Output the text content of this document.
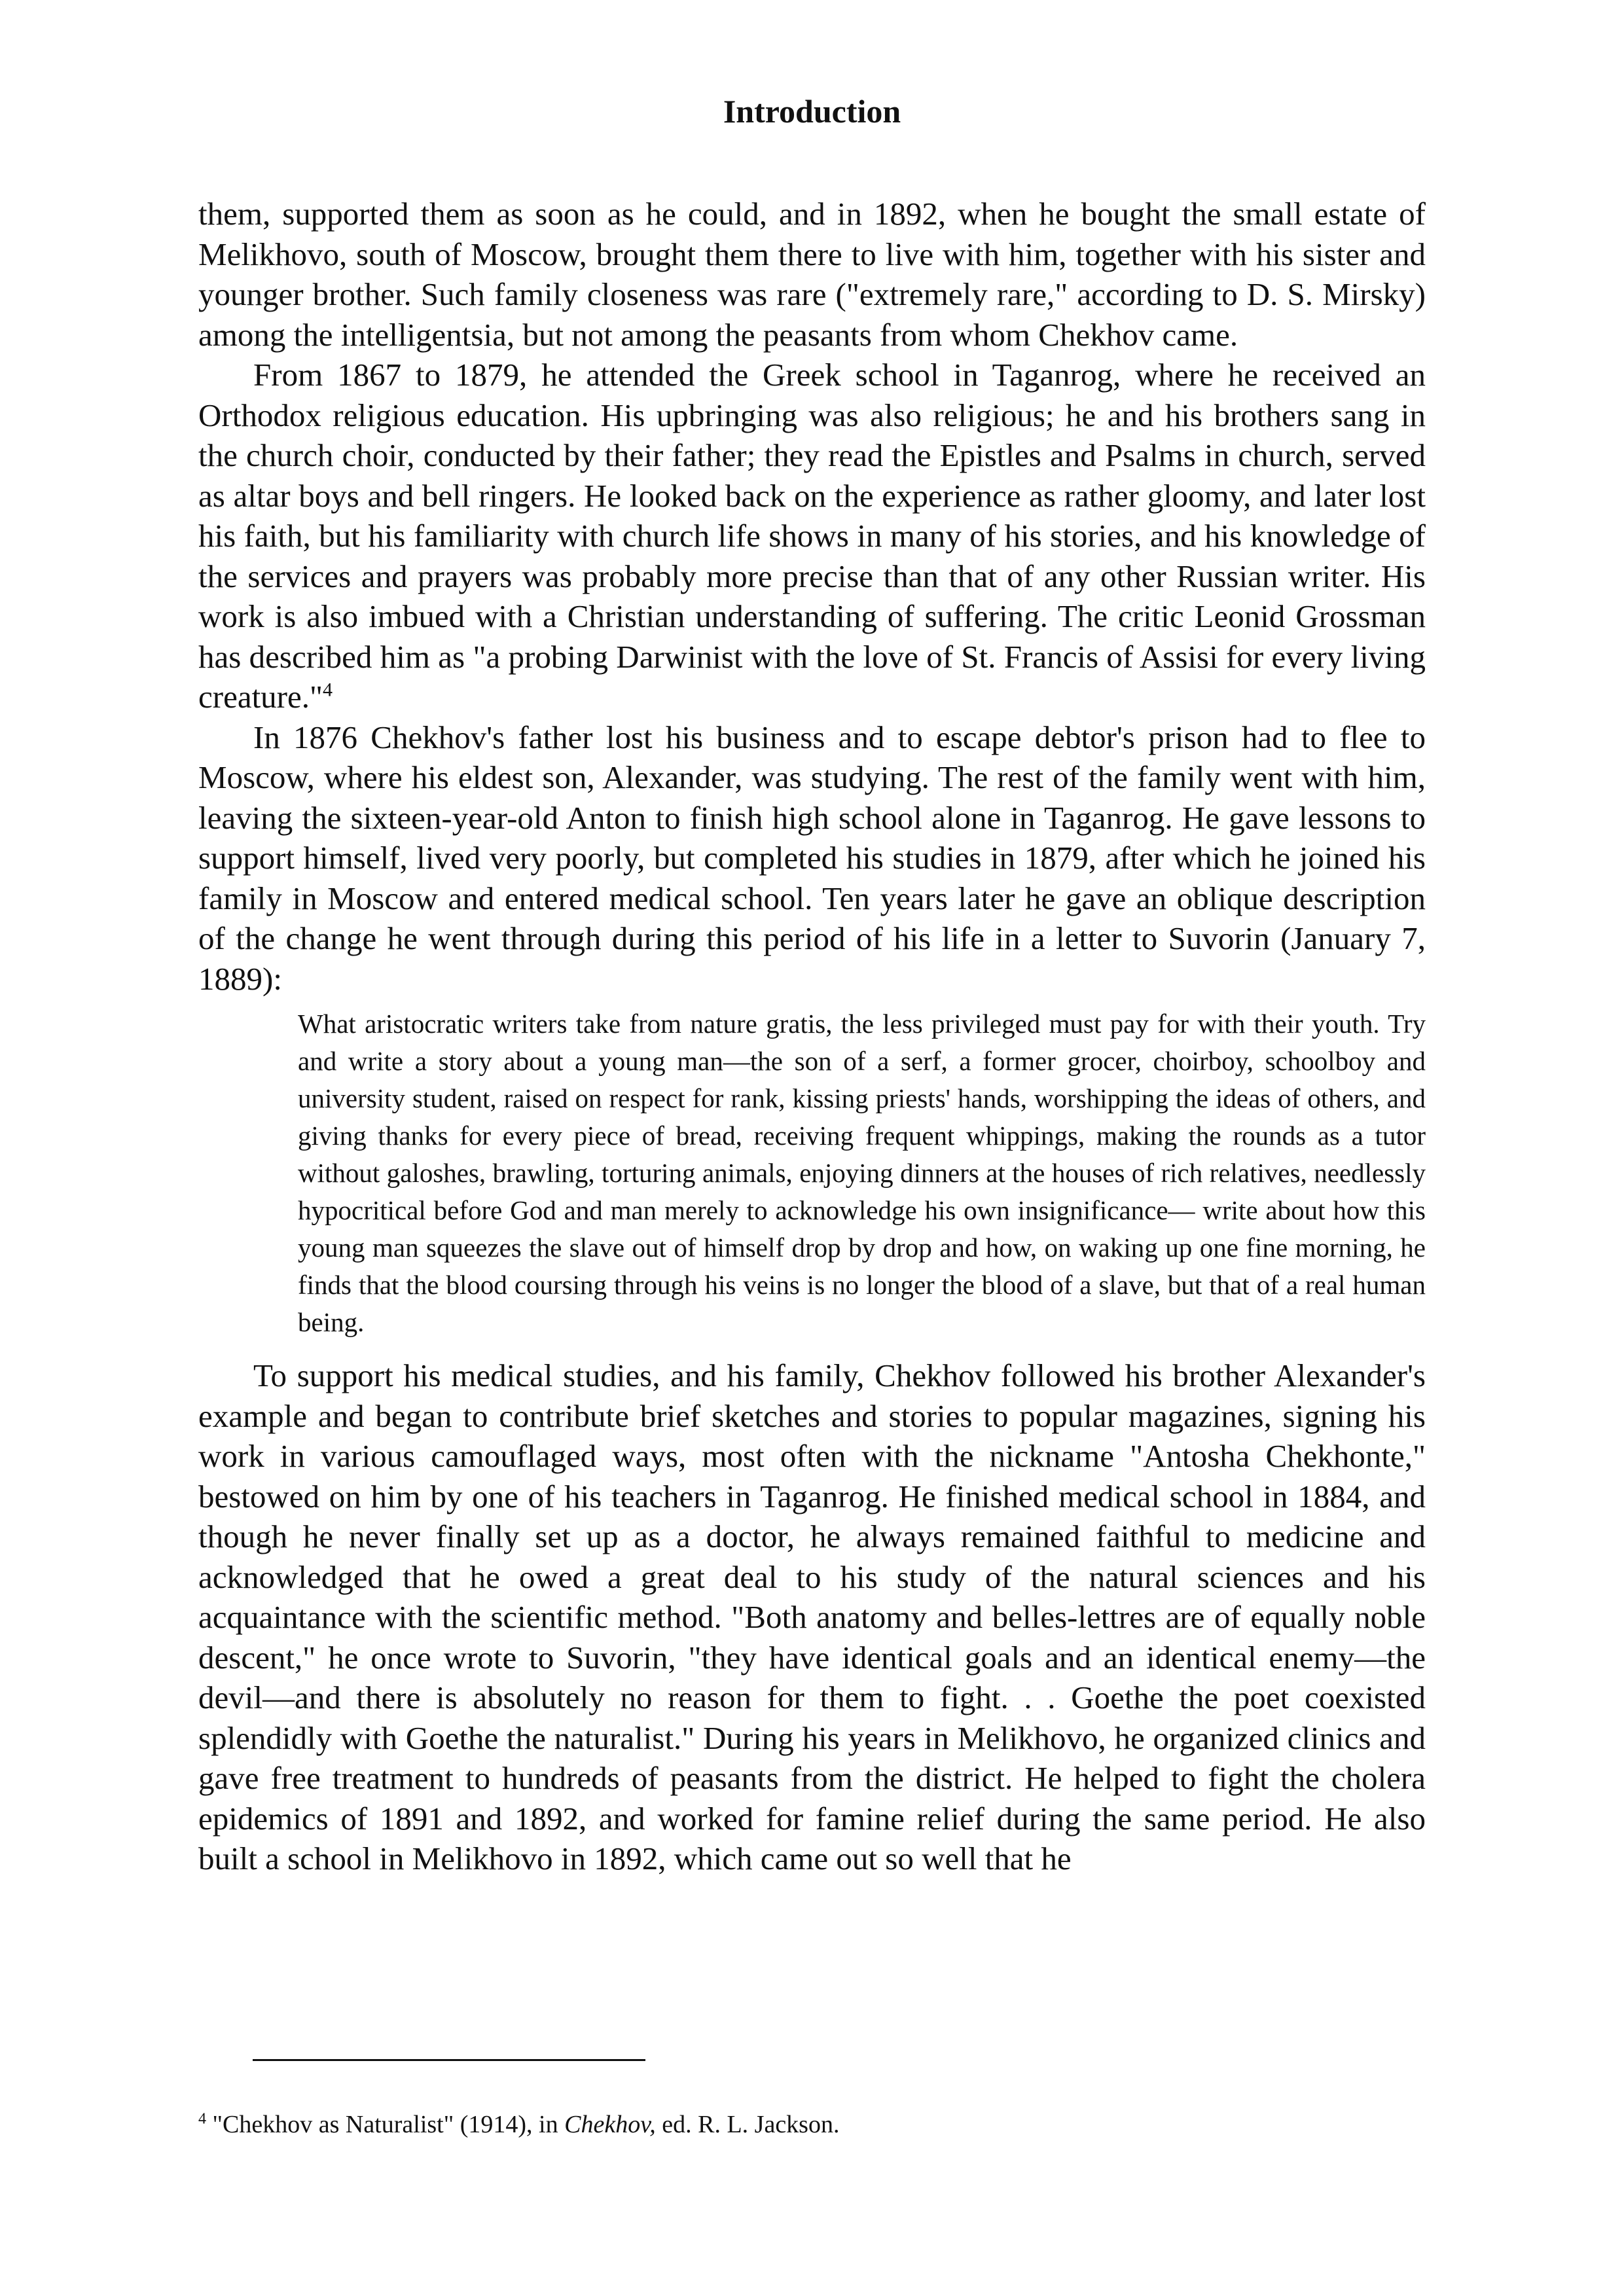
Introduction

them, supported them as soon as he could, and in 1892, when he bought the small estate of Melikhovo, south of Moscow, brought them there to live with him, together with his sister and younger brother. Such family closeness was rare ("extremely rare," according to D. S. Mirsky) among the intelligentsia, but not among the peasants from whom Chekhov came.

From 1867 to 1879, he attended the Greek school in Taganrog, where he received an Orthodox religious education. His upbringing was also religious; he and his brothers sang in the church choir, conducted by their father; they read the Epistles and Psalms in church, served as altar boys and bell ringers. He looked back on the experience as rather gloomy, and later lost his faith, but his familiarity with church life shows in many of his stories, and his knowledge of the services and prayers was probably more precise than that of any other Russian writer. His work is also imbued with a Christian understanding of suffering. The critic Leonid Grossman has described him as "a probing Darwinist with the love of St. Francis of Assisi for every living creature."$^4$

In 1876 Chekhov's father lost his business and to escape debtor's prison had to flee to Moscow, where his eldest son, Alexander, was studying. The rest of the family went with him, leaving the sixteen-year-old Anton to finish high school alone in Taganrog. He gave lessons to support himself, lived very poorly, but completed his studies in 1879, after which he joined his family in Moscow and entered medical school. Ten years later he gave an oblique description of the change he went through during this period of his life in a letter to Suvorin (January 7, 1889):

What aristocratic writers take from nature gratis, the less privileged must pay for with their youth. Try and write a story about a young man—the son of a serf, a former grocer, choirboy, schoolboy and university student, raised on respect for rank, kissing priests' hands, worshipping the ideas of others, and giving thanks for every piece of bread, receiving frequent whippings, making the rounds as a tutor without galoshes, brawling, torturing animals, enjoying dinners at the houses of rich relatives, needlessly hypocritical before God and man merely to acknowledge his own insignificance— write about how this young man squeezes the slave out of himself drop by drop and how, on waking up one fine morning, he finds that the blood coursing through his veins is no longer the blood of a slave, but that of a real human being.

To support his medical studies, and his family, Chekhov followed his brother Alexander's example and began to contribute brief sketches and stories to popular magazines, signing his work in various camouflaged ways, most often with the nickname "Antosha Chekhonte," bestowed on him by one of his teachers in Taganrog. He finished medical school in 1884, and though he never finally set up as a doctor, he always remained faithful to medicine and acknowledged that he owed a great deal to his study of the natural sciences and his acquaintance with the scientific method. "Both anatomy and belles-lettres are of equally noble descent," he once wrote to Suvorin, "they have identical goals and an identical enemy—the devil—and there is absolutely no reason for them to fight. . . Goethe the poet coexisted splendidly with Goethe the naturalist." During his years in Melikhovo, he organized clinics and gave free treatment to hundreds of peasants from the district. He helped to fight the cholera epidemics of 1891 and 1892, and worked for famine relief during the same period. He also built a school in Melikhovo in 1892, which came out so well that he

$^4$ "Chekhov as Naturalist" (1914), in Chekhov, ed. R. L. Jackson.
